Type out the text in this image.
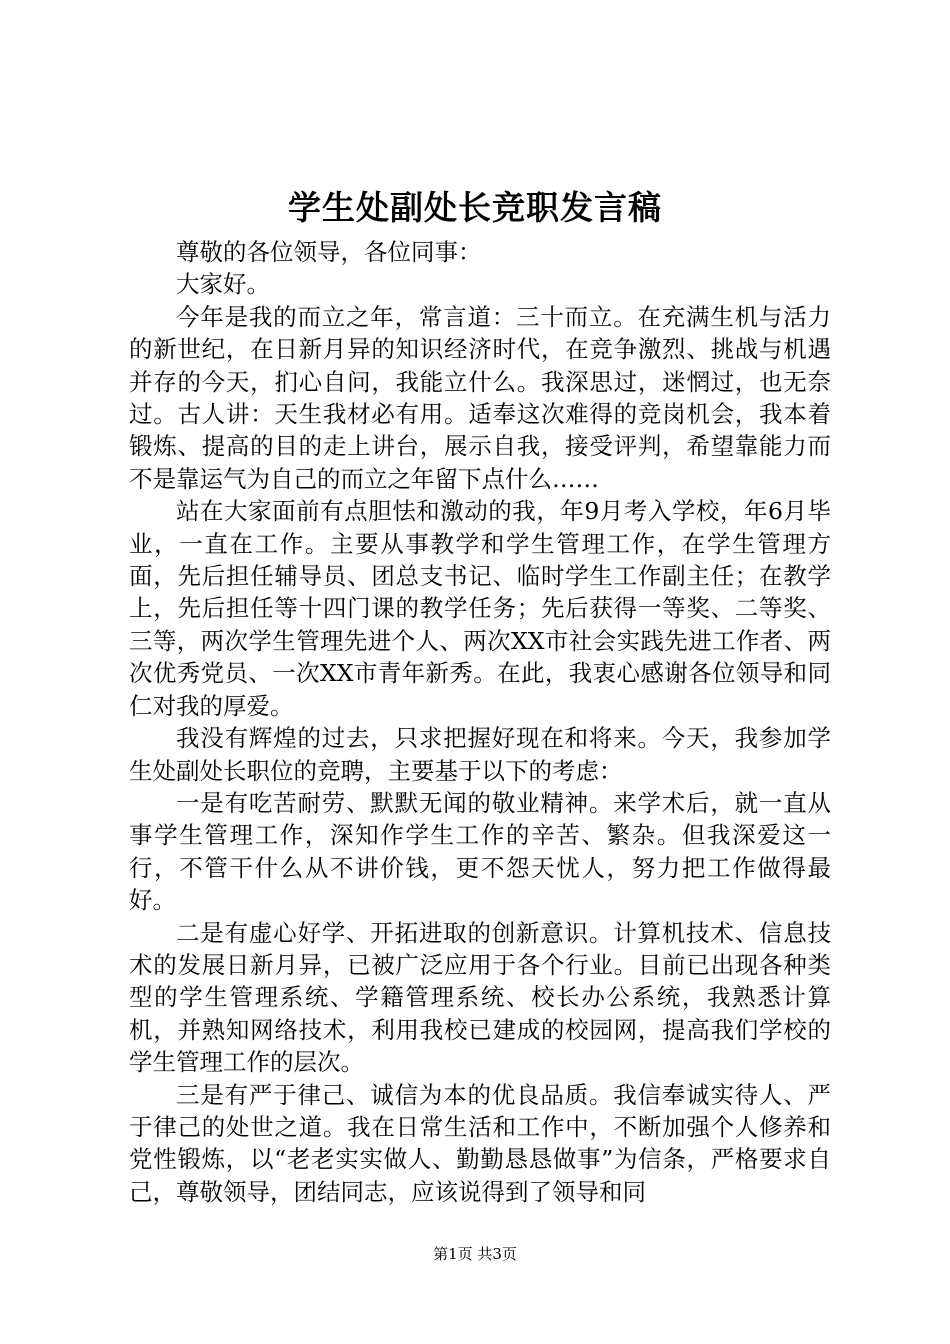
学生处副处长竞职发言稿

尊敬的各位领导，各位同事：

大家好。

今年是我的而立之年，常言道：三十而立。在充满生机与活力的新世纪，在日新月异的知识经济时代，在竞争激烈、挑战与机遇并存的今天，扪心自问，我能立什么。我深思过，迷惘过，也无奈过。古人讲：天生我材必有用。适奉这次难得的竞岗机会，我本着锻炼、提高的目的走上讲台，展示自我，接受评判，希望靠能力而不是靠运气为自己的而立之年留下点什么……

站在大家面前有点胆怯和激动的我，年9月考入学校，年6月毕业，一直在工作。主要从事教学和学生管理工作，在学生管理方面，先后担任辅导员、团总支书记、临时学生工作副主任；在教学上，先后担任等十四门课的教学任务；先后获得一等奖、二等奖、三等，两次学生管理先进个人、两次XX市社会实践先进工作者、两次优秀党员、一次XX市青年新秀。在此，我衷心感谢各位领导和同仁对我的厚爱。

我没有辉煌的过去，只求把握好现在和将来。今天，我参加学生处副处长职位的竞聘，主要基于以下的考虑：

一是有吃苦耐劳、默默无闻的敬业精神。来学术后，就一直从事学生管理工作，深知作学生工作的辛苦、繁杂。但我深爱这一行，不管干什么从不讲价钱，更不怨天忧人，努力把工作做得最好。

二是有虚心好学、开拓进取的创新意识。计算机技术、信息技术的发展日新月异，已被广泛应用于各个行业。目前已出现各种类型的学生管理系统、学籍管理系统、校长办公系统，我熟悉计算机，并熟知网络技术，利用我校已建成的校园网，提高我们学校的学生管理工作的层次。

三是有严于律己、诚信为本的优良品质。我信奉诚实待人、严于律己的处世之道。我在日常生活和工作中，不断加强个人修养和党性锻炼，以“老老实实做人、勤勤恳恳做事”为信条，严格要求自己，尊敬领导，团结同志，应该说得到了领导和同

第1页 共3页
